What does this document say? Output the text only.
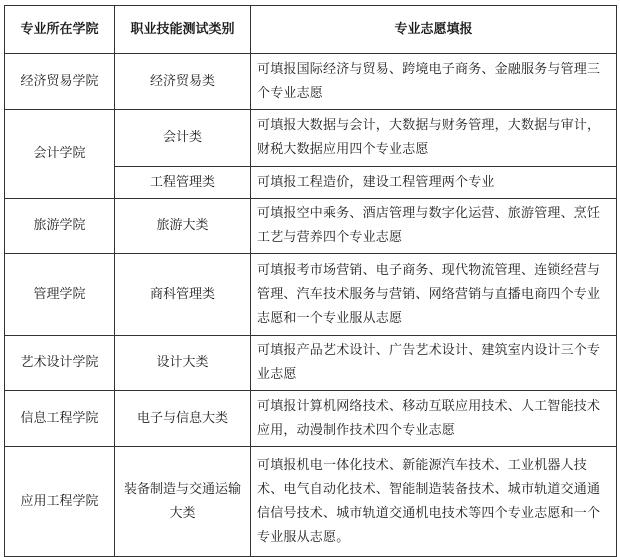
专业所在学院	职业技能测试类别	专业志愿填报
经济贸易学院	经济贸易类	可填报国际经济与贸易、跨境电子商务、金融服务与管理三个专业志愿
会计学院	会计类	可填报大数据与会计，大数据与财务管理，大数据与审计，财税大数据应用四个专业志愿
	工程管理类	可填报工程造价，建设工程管理两个专业
旅游学院	旅游大类	可填报空中乘务、酒店管理与数字化运营、旅游管理、烹饪工艺与营养四个专业志愿
管理学院	商科管理类	可填报考市场营销、电子商务、现代物流管理、连锁经营与管理、汽车技术服务与营销、网络营销与直播电商四个专业志愿和一个专业服从志愿
艺术设计学院	设计大类	可填报产品艺术设计、广告艺术设计、建筑室内设计三个专业志愿
信息工程学院	电子与信息大类	可填报计算机网络技术、移动互联应用技术、人工智能技术应用，动漫制作技术四个专业志愿
应用工程学院	装备制造与交通运输大类	可填报机电一体化技术、新能源汽车技术、工业机器人技术、电气自动化技术、智能制造装备技术、城市轨道交通通信信号技术、城市轨道交通机电技术等四个专业志愿和一个专业服从志愿。
